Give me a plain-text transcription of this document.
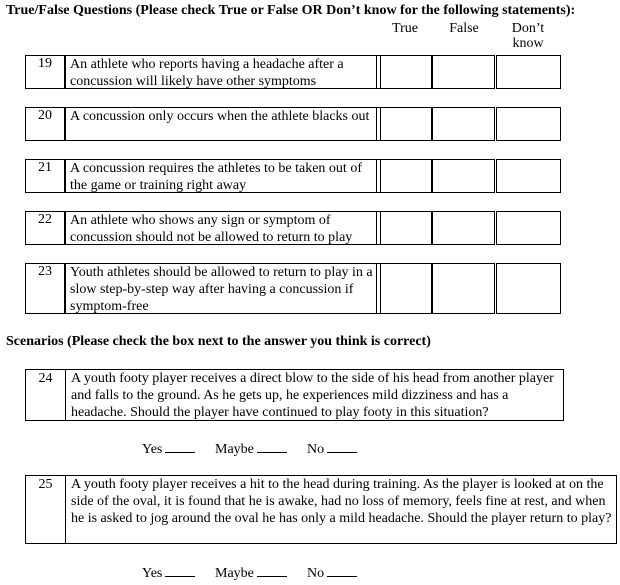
True/False Questions (Please check True or False OR Don’t know for the following statements):
True	False	Don’t know
19	An athlete who reports having a headache after a concussion will likely have other symptoms
20	A concussion only occurs when the athlete blacks out
21	A concussion requires the athletes to be taken out of the game or training right away
22	An athlete who shows any sign or symptom of concussion should not be allowed to return to play
23	Youth athletes should be allowed to return to play in a slow step-by-step way after having a concussion if symptom-free
Scenarios (Please check the box next to the answer you think is correct)
24	A youth footy player receives a direct blow to the side of his head from another player and falls to the ground. As he gets up, he experiences mild dizziness and has a headache. Should the player have continued to play footy in this situation?
Yes	Maybe	No
25	A youth footy player receives a hit to the head during training. As the player is looked at on the side of the oval, it is found that he is awake, had no loss of memory, feels fine at rest, and when he is asked to jog around the oval he has only a mild headache. Should the player return to play?
Yes	Maybe	No
